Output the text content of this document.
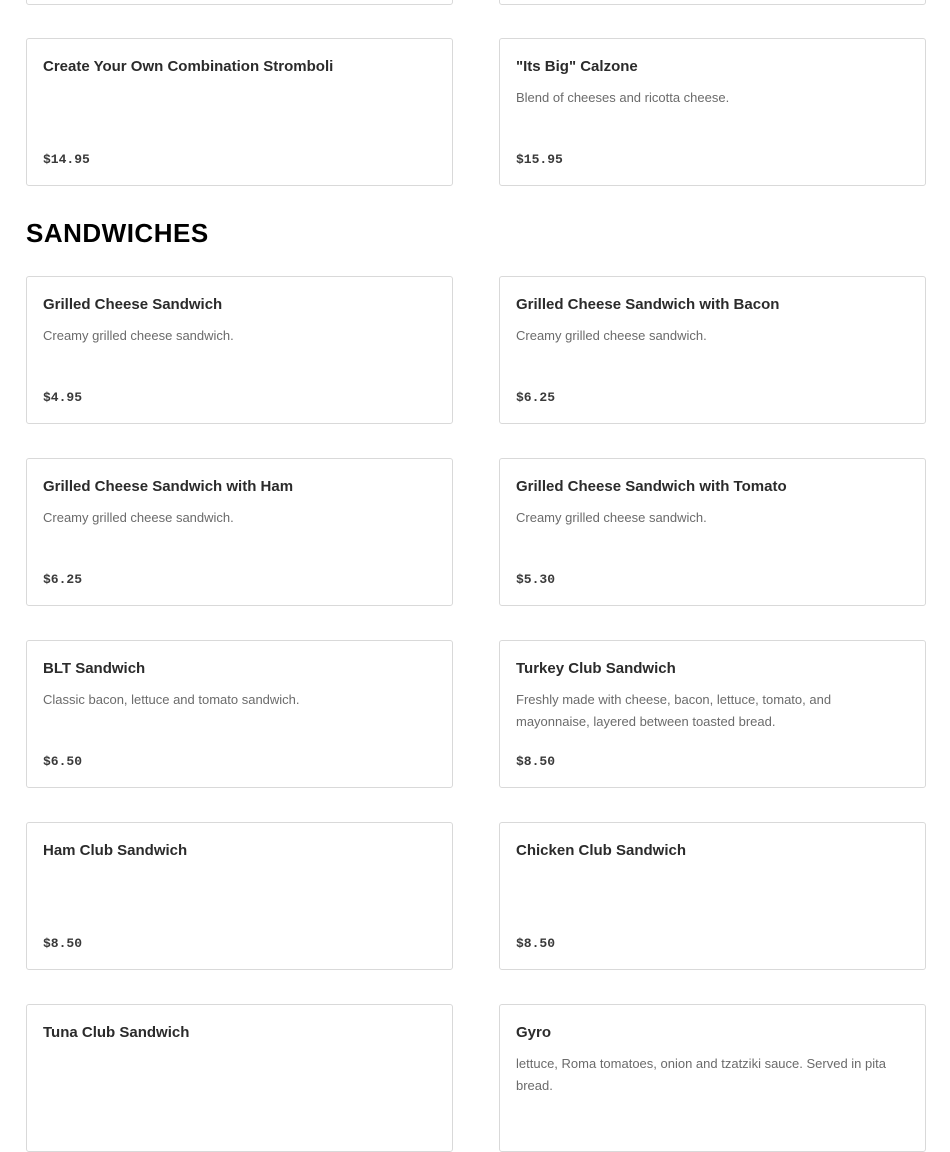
Create Your Own Combination Stromboli
$14.95
"Its Big" Calzone
Blend of cheeses and ricotta cheese.
$15.95
SANDWICHES
Grilled Cheese Sandwich
Creamy grilled cheese sandwich.
$4.95
Grilled Cheese Sandwich with Bacon
Creamy grilled cheese sandwich.
$6.25
Grilled Cheese Sandwich with Ham
Creamy grilled cheese sandwich.
$6.25
Grilled Cheese Sandwich with Tomato
Creamy grilled cheese sandwich.
$5.30
BLT Sandwich
Classic bacon, lettuce and tomato sandwich.
$6.50
Turkey Club Sandwich
Freshly made with cheese, bacon, lettuce, tomato, and mayonnaise, layered between toasted bread.
$8.50
Ham Club Sandwich
$8.50
Chicken Club Sandwich
$8.50
Tuna Club Sandwich	Gyro
lettuce, Roma tomatoes, onion and tzatziki sauce. Served in pita bread.
